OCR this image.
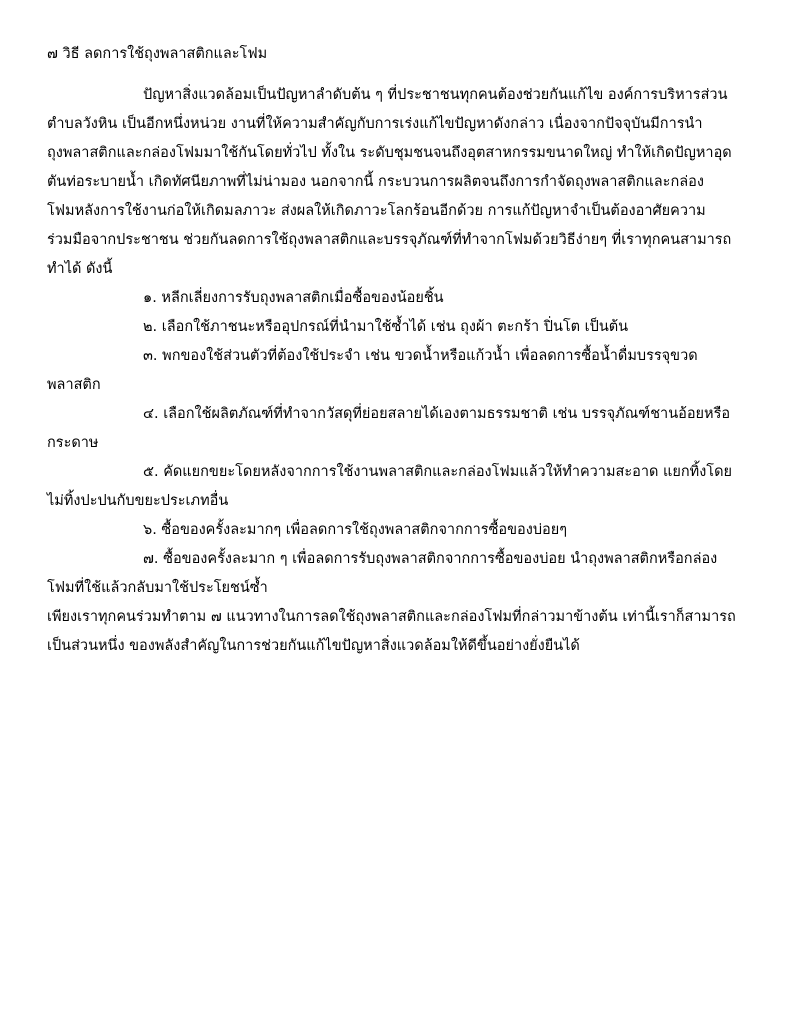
๗ วิธี ลดการใช้ถุงพลาสติกและโฟม
ปัญหาสิ่งแวดล้อมเป็นปัญหาลำดับต้น ๆ ที่ประชาชนทุกคนต้องช่วยกันแก้ไข องค์การบริหารส่วน
ตำบลวังหิน เป็นอีกหนึ่งหน่วย งานที่ให้ความสำคัญกับการเร่งแก้ไขปัญหาดังกล่าว เนื่องจากปัจจุบันมีการนำ
ถุงพลาสติกและกล่องโฟมมาใช้กันโดยทั่วไป ทั้งใน ระดับชุมชนจนถึงอุตสาหกรรมขนาดใหญ่ ทำให้เกิดปัญหาอุด
ตันท่อระบายน้ำ เกิดทัศนียภาพที่ไม่น่ามอง นอกจากนี้ กระบวนการผลิตจนถึงการกำจัดถุงพลาสติกและกล่อง
โฟมหลังการใช้งานก่อให้เกิดมลภาวะ ส่งผลให้เกิดภาวะโลกร้อนอีกด้วย การแก้ปัญหาจำเป็นต้องอาศัยความ
ร่วมมือจากประชาชน ช่วยกันลดการใช้ถุงพลาสติกและบรรจุภัณฑ์ที่ทำจากโฟมด้วยวิธีง่ายๆ ที่เราทุกคนสามารถ
ทำได้ ดังนี้
๑. หลีกเลี่ยงการรับถุงพลาสติกเมื่อซื้อของน้อยชิ้น
๒. เลือกใช้ภาชนะหรืออุปกรณ์ที่นำมาใช้ซ้ำได้ เช่น ถุงผ้า ตะกร้า ปิ่นโต เป็นต้น
๓. พกของใช้ส่วนตัวที่ต้องใช้ประจำ เช่น ขวดน้ำหรือแก้วน้ำ เพื่อลดการซื้อน้ำดื่มบรรจุขวด
พลาสติก
๔. เลือกใช้ผลิตภัณฑ์ที่ทำจากวัสดุที่ย่อยสลายได้เองตามธรรมชาติ เช่น บรรจุภัณฑ์ชานอ้อยหรือ
กระดาษ
๕. คัดแยกขยะโดยหลังจากการใช้งานพลาสติกและกล่องโฟมแล้วให้ทำความสะอาด แยกทิ้งโดย
ไม่ทิ้งปะปนกับขยะประเภทอื่น
๖. ซื้อของครั้งละมากๆ เพื่อลดการใช้ถุงพลาสติกจากการซื้อของบ่อยๆ
๗. ซื้อของครั้งละมาก ๆ เพื่อลดการรับถุงพลาสติกจากการซื้อของบ่อย นำถุงพลาสติกหรือกล่อง
โฟมที่ใช้แล้วกลับมาใช้ประโยชน์ซ้ำ
เพียงเราทุกคนร่วมทำตาม ๗ แนวทางในการลดใช้ถุงพลาสติกและกล่องโฟมที่กล่าวมาข้างต้น เท่านี้เราก็สามารถ
เป็นส่วนหนึ่ง ของพลังสำคัญในการช่วยกันแก้ไขปัญหาสิ่งแวดล้อมให้ดีขึ้นอย่างยั่งยืนได้
